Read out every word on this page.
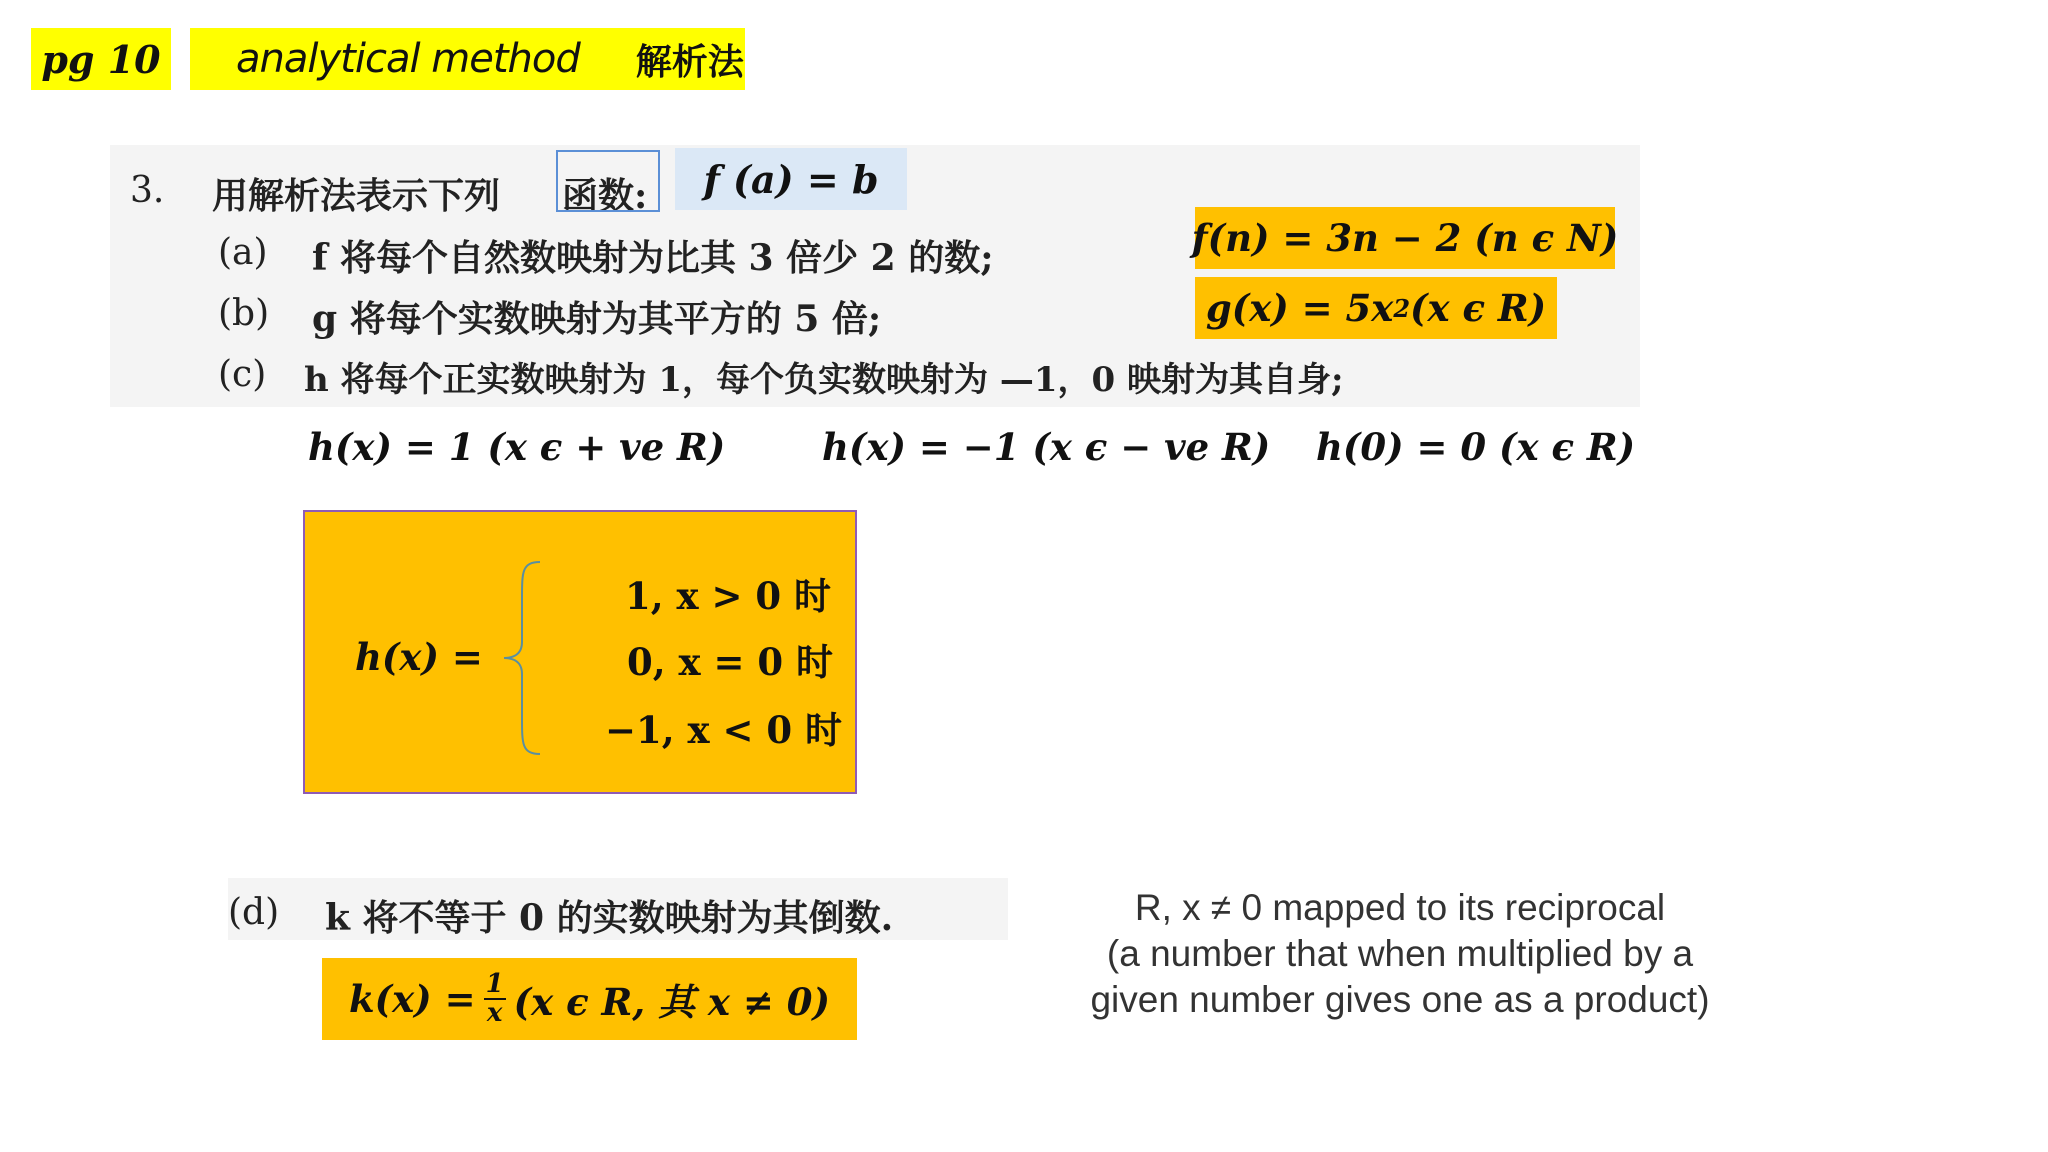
pg 10 analytical method 解析法
3. 用解析法表示下列 函数: f (a) = b
(a) f 将每个自然数映射为比其 3 倍少 2 的数;
(b) g 将每个实数映射为其平方的 5 倍;
(c) h 将每个正实数映射为 1，每个负实数映射为 —1，0 映射为其自身;
f(n) = 3n − 2 (n ϵ N)
g(x) = 5x 2 (x ϵ R)
h(x) = 1 (x ϵ + ve R)	h(x) = −1 (x ϵ − ve R) h(0) = 0 (x ϵ R)
h(x) =
1, x > 0 时
0, x = 0 时
−1, x < 0 时
(d) k 将不等于 0 的实数映射为其倒数.
$k(x) = \frac{1}{x} (x$ ϵ R, 其 x ≠ 0)
R, x ≠ 0 mapped to its reciprocal
(a number that when multiplied by a
given number gives one as a product)
